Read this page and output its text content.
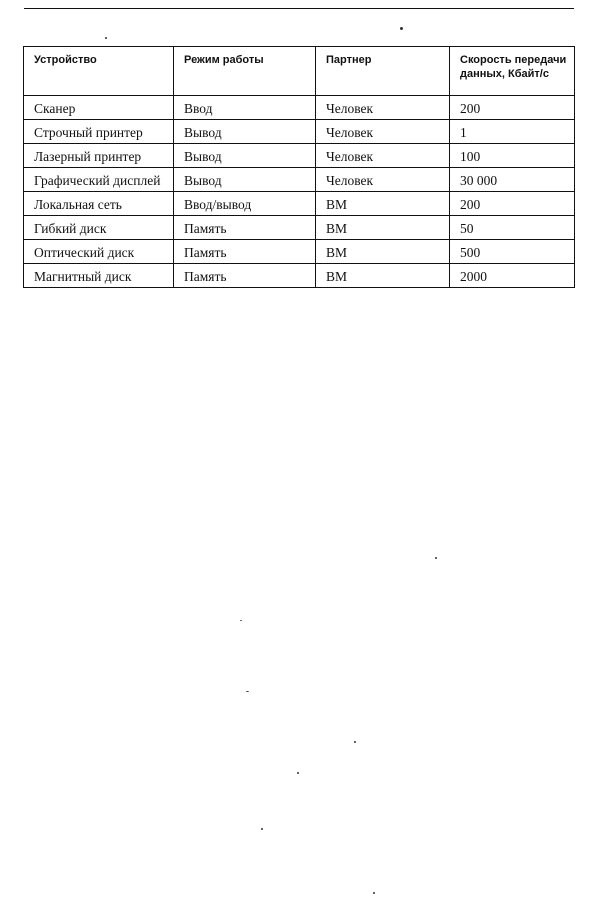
Устройство	Режим работы	Партнер	Скорость передачи данных, Кбайт/с
Сканер	Ввод	Человек	200
Строчный принтер	Вывод	Человек	1
Лазерный принтер	Вывод	Человек	100
Графический дисплей	Вывод	Человек	30 000
Локальная сеть	Ввод/вывод	ВМ	200
Гибкий диск	Память	ВМ	50
Оптический диск	Память	ВМ	500
Магнитный диск	Память	ВМ	2000
